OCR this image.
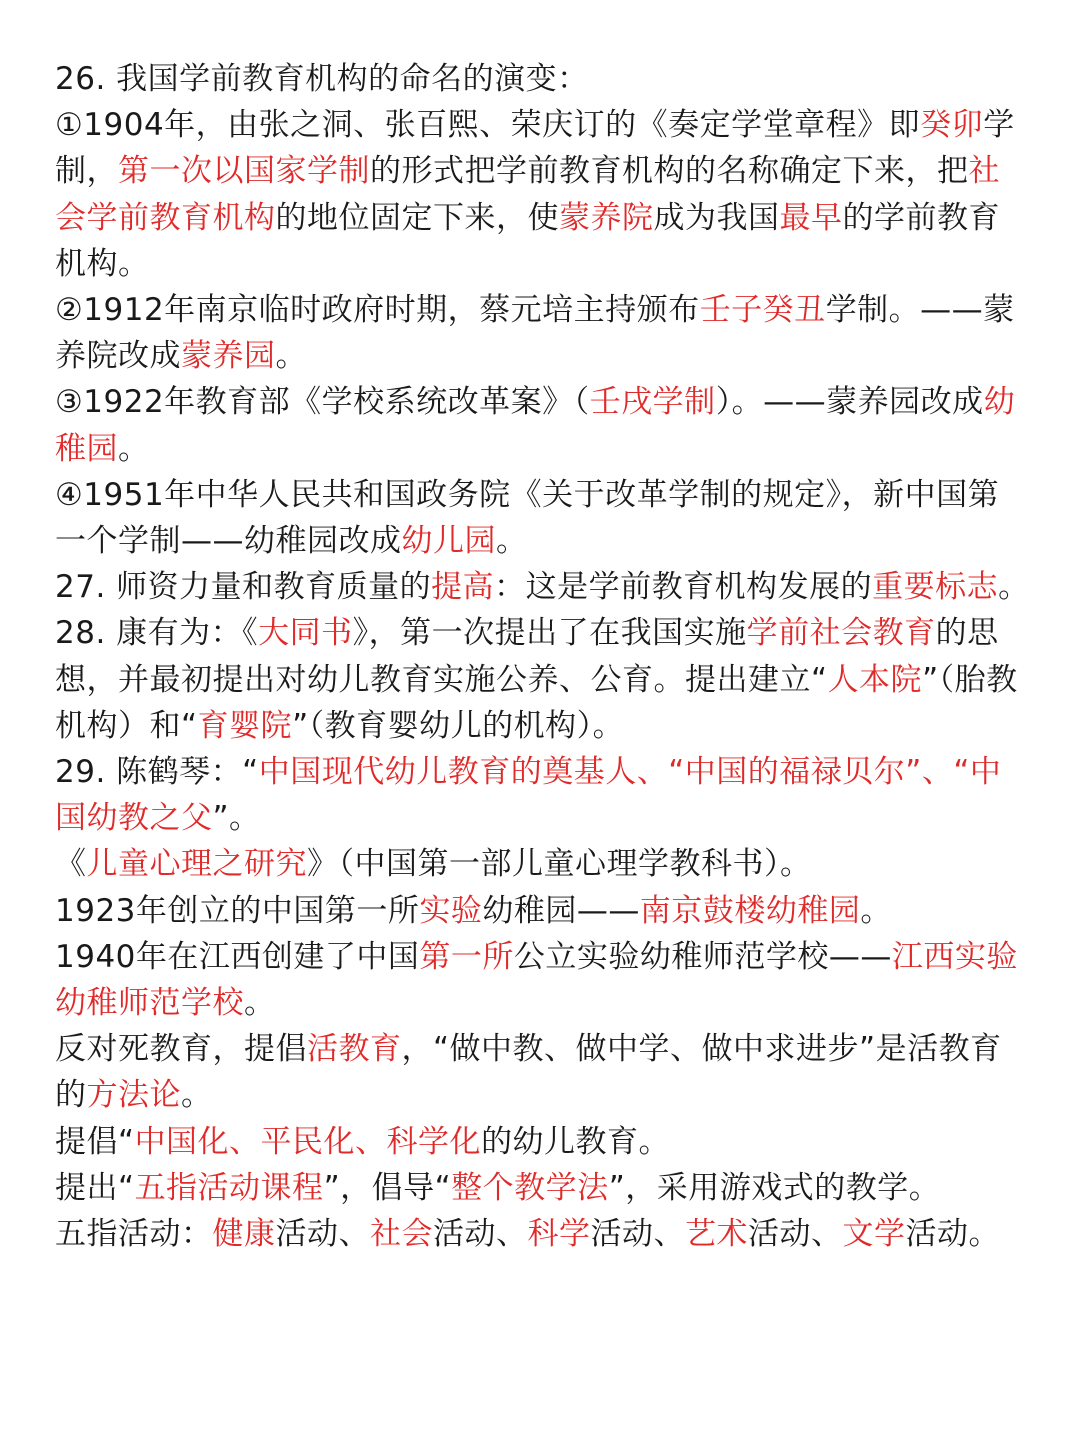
26. 我国学前教育机构的命名的演变：

①1904年，由张之洞、张百熙、荣庆订的《奏定学堂章程》即癸卯学制，第一次以国家学制的形式把学前教育机构的名称确定下来，把社会学前教育机构的地位固定下来，使蒙养院成为我国最早的学前教育机构。

②1912年南京临时政府时期，蔡元培主持颁布壬子癸丑学制。——蒙养院改成蒙养园。

③1922年教育部《学校系统改革案》（壬戌学制）。——蒙养园改成幼稚园。

④1951年中华人民共和国政务院《关于改革学制的规定》，新中国第一个学制——幼稚园改成幼儿园。

27. 师资力量和教育质量的提高：这是学前教育机构发展的重要标志。

28. 康有为：《大同书》，第一次提出了在我国实施学前社会教育的思想，并最初提出对幼儿教育实施公养、公育。提出建立“人本院”（胎教机构）和“育婴院”（教育婴幼儿的机构）。

29. 陈鹤琴：“中国现代幼儿教育的奠基人、“中国的福禄贝尔”、“中国幼教之父”。

《儿童心理之研究》（中国第一部儿童心理学教科书）。

1923年创立的中国第一所实验幼稚园——南京鼓楼幼稚园。

1940年在江西创建了中国第一所公立实验幼稚师范学校——江西实验幼稚师范学校。

反对死教育，提倡活教育，“做中教、做中学、做中求进步”是活教育的方法论。

提倡“中国化、平民化、科学化的幼儿教育。

提出“五指活动课程”，倡导“整个教学法”，采用游戏式的教学。

五指活动：健康活动、社会活动、科学活动、艺术活动、文学活动。
